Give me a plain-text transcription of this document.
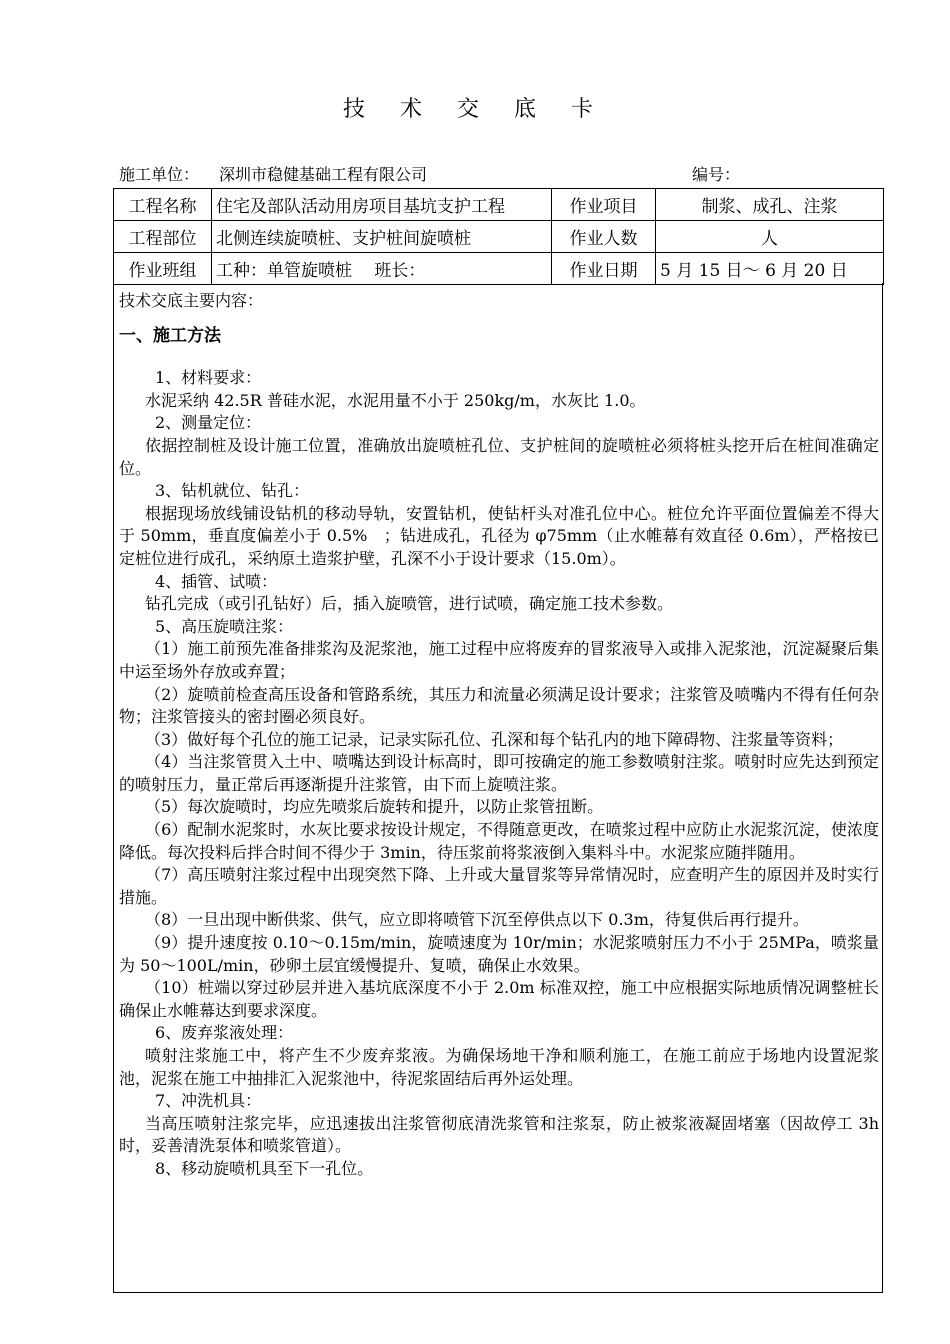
技 术 交 底 卡
施工单位： 深圳市稳健基础工程有限公司	编号：
工程名称	住宅及部队活动用房项目基坑支护工程	作业项目	制浆、成孔、注浆
工程部位	北侧连续旋喷桩、支护桩间旋喷桩	作业人数	人
作业班组	工种：单管旋喷桩　 班长：	作业日期	5 月 15 日～ 6 月 20 日

技术交底主要内容：

一、施工方法

1、材料要求：

水泥采纳 42.5R 普硅水泥，水泥用量不小于 250kg/m，水灰比 1.0。

2、测量定位：

依据控制桩及设计施工位置，准确放出旋喷桩孔位、支护桩间的旋喷桩必须将桩头挖开后在桩间准确定位。

3、钻机就位、钻孔：

根据现场放线铺设钻机的移动导轨，安置钻机，使钻杆头对准孔位中心。桩位允许平面位置偏差不得大于 50mm，垂直度偏差小于 0.5%　；钻进成孔，孔径为 φ75mm（止水帷幕有效直径 0.6m），严格按已定桩位进行成孔，采纳原土造浆护壁，孔深不小于设计要求（15.0m）。

4、插管、试喷：

钻孔完成（或引孔钻好）后，插入旋喷管，进行试喷，确定施工技术参数。

5、高压旋喷注浆：

（1）施工前预先准备排浆沟及泥浆池，施工过程中应将废弃的冒浆液导入或排入泥浆池，沉淀凝聚后集中运至场外存放或弃置；

（2）旋喷前检查高压设备和管路系统，其压力和流量必须满足设计要求；注浆管及喷嘴内不得有任何杂物；注浆管接头的密封圈必须良好。

（3）做好每个孔位的施工记录，记录实际孔位、孔深和每个钻孔内的地下障碍物、注浆量等资料；

（4）当注浆管贯入土中、喷嘴达到设计标高时，即可按确定的施工参数喷射注浆。喷射时应先达到预定的喷射压力，量正常后再逐渐提升注浆管，由下而上旋喷注浆。

（5）每次旋喷时，均应先喷浆后旋转和提升，以防止浆管扭断。

（6）配制水泥浆时，水灰比要求按设计规定，不得随意更改，在喷浆过程中应防止水泥浆沉淀，使浓度降低。每次投料后拌合时间不得少于 3min，待压浆前将浆液倒入集料斗中。水泥浆应随拌随用。

（7）高压喷射注浆过程中出现突然下降、上升或大量冒浆等异常情况时，应查明产生的原因并及时实行措施。

（8）一旦出现中断供浆、供气，应立即将喷管下沉至停供点以下 0.3m，待复供后再行提升。

（9）提升速度按 0.10～0.15m/min，旋喷速度为 10r/min；水泥浆喷射压力不小于 25MPa，喷浆量为 50～100L/min，砂卵土层宜缓慢提升、复喷，确保止水效果。

（10）桩端以穿过砂层并进入基坑底深度不小于 2.0m 标准双控，施工中应根据实际地质情况调整桩长确保止水帷幕达到要求深度。

6、废弃浆液处理：

喷射注浆施工中，将产生不少废弃浆液。为确保场地干净和顺利施工，在施工前应于场地内设置泥浆池，泥浆在施工中抽排汇入泥浆池中，待泥浆固结后再外运处理。

7、冲洗机具：

当高压喷射注浆完毕，应迅速拔出注浆管彻底清洗浆管和注浆泵，防止被浆液凝固堵塞（因故停工 3h 时，妥善清洗泵体和喷浆管道）。

8、移动旋喷机具至下一孔位。
